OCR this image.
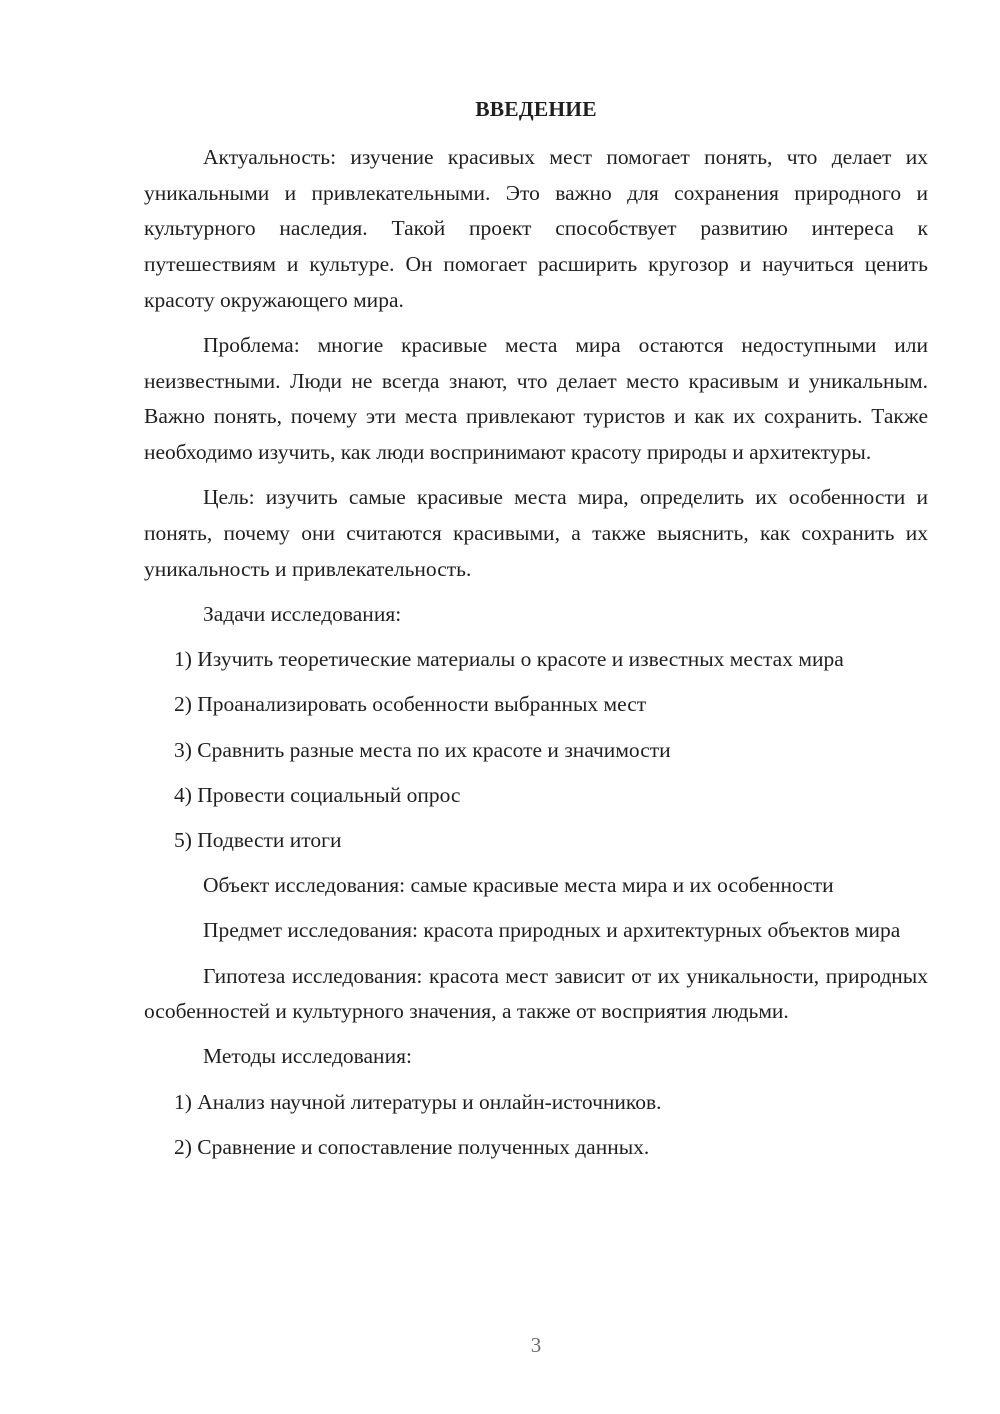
ВВЕДЕНИЕ

Актуальность: изучение красивых мест помогает понять, что делает их уникальными и привлекательными. Это важно для сохранения природного и культурного наследия. Такой проект способствует развитию интереса к путешествиям и культуре. Он помогает расширить кругозор и научиться ценить красоту окружающего мира.

Проблема: многие красивые места мира остаются недоступными или неизвестными. Люди не всегда знают, что делает место красивым и уникальным. Важно понять, почему эти места привлекают туристов и как их сохранить. Также необходимо изучить, как люди воспринимают красоту природы и архитектуры.

Цель: изучить самые красивые места мира, определить их особенности и понять, почему они считаются красивыми, а также выяснить, как сохранить их уникальность и привлекательность.

Задачи исследования:

1) Изучить теоретические материалы о красоте и известных местах мира

2) Проанализировать особенности выбранных мест

3) Сравнить разные места по их красоте и значимости

4) Провести социальный опрос

5) Подвести итоги

Объект исследования: самые красивые места мира и их особенности

Предмет исследования: красота природных и архитектурных объектов мира

Гипотеза исследования: красота мест зависит от их уникальности, природных особенностей и культурного значения, а также от восприятия людьми.

Методы исследования:

1) Анализ научной литературы и онлайн-источников.

2) Сравнение и сопоставление полученных данных.

3
